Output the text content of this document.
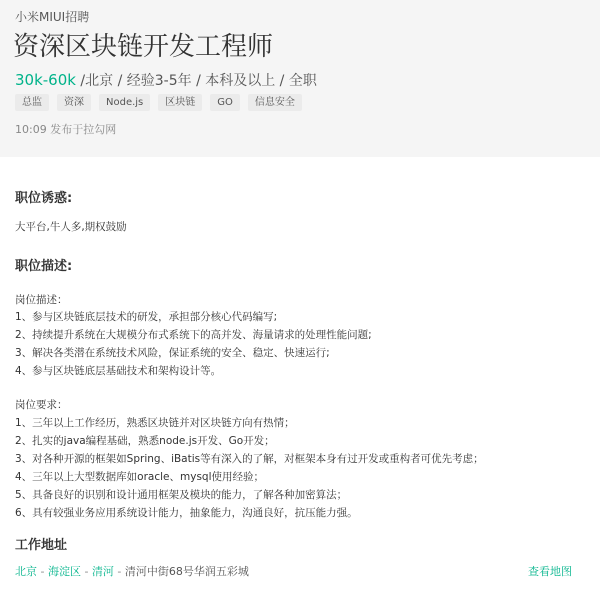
小米MIUI招聘
资深区块链开发工程师
30k-60k /北京 / 经验3-5年 / 本科及以上 / 全职
总监	资深	Node.js	区块链	GO	信息安全
10:09 发布于拉勾网
职位诱惑:
大平台,牛人多,期权鼓励
职位描述:
岗位描述：
1、参与区块链底层技术的研发，承担部分核心代码编写;
2、持续提升系统在大规模分布式系统下的高并发、海量请求的处理性能问题;
3、解决各类潜在系统技术风险，保证系统的安全、稳定、快速运行;
4、参与区块链底层基础技术和架构设计等。
岗位要求：
1、三年以上工作经历，熟悉区块链并对区块链方向有热情；
2、扎实的java编程基础，熟悉node.js开发、Go开发；
3、对各种开源的框架如Spring、iBatis等有深入的了解，对框架本身有过开发或重构者可优先考虑；
4、三年以上大型数据库如oracle、mysql使用经验；
5、具备良好的识别和设计通用框架及模块的能力，了解各种加密算法；
6、具有较强业务应用系统设计能力，抽象能力，沟通良好，抗压能力强。
工作地址
北京 - 海淀区 - 清河 - 清河中街68号华润五彩城	查看地图
